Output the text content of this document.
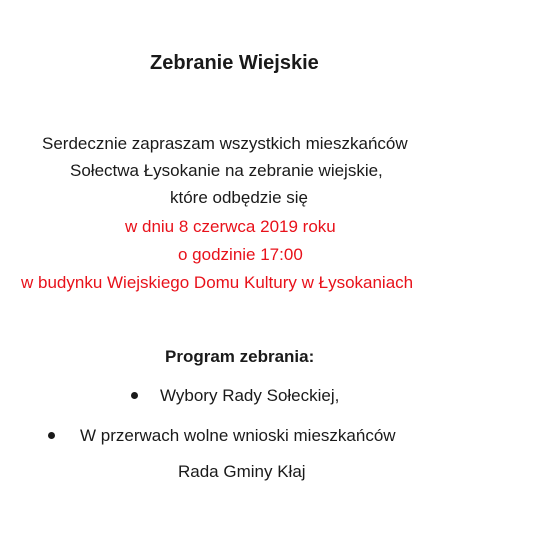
Zebranie Wiejskie
Serdecznie zapraszam wszystkich mieszkańców
Sołectwa Łysokanie na zebranie wiejskie,
które odbędzie się
w dniu 8 czerwca 2019 roku
o godzinie 17:00
w budynku Wiejskiego Domu Kultury w Łysokaniach
Program zebrania:
Wybory Rady Sołeckiej,
W przerwach wolne wnioski mieszkańców
Rada Gminy Kłaj
